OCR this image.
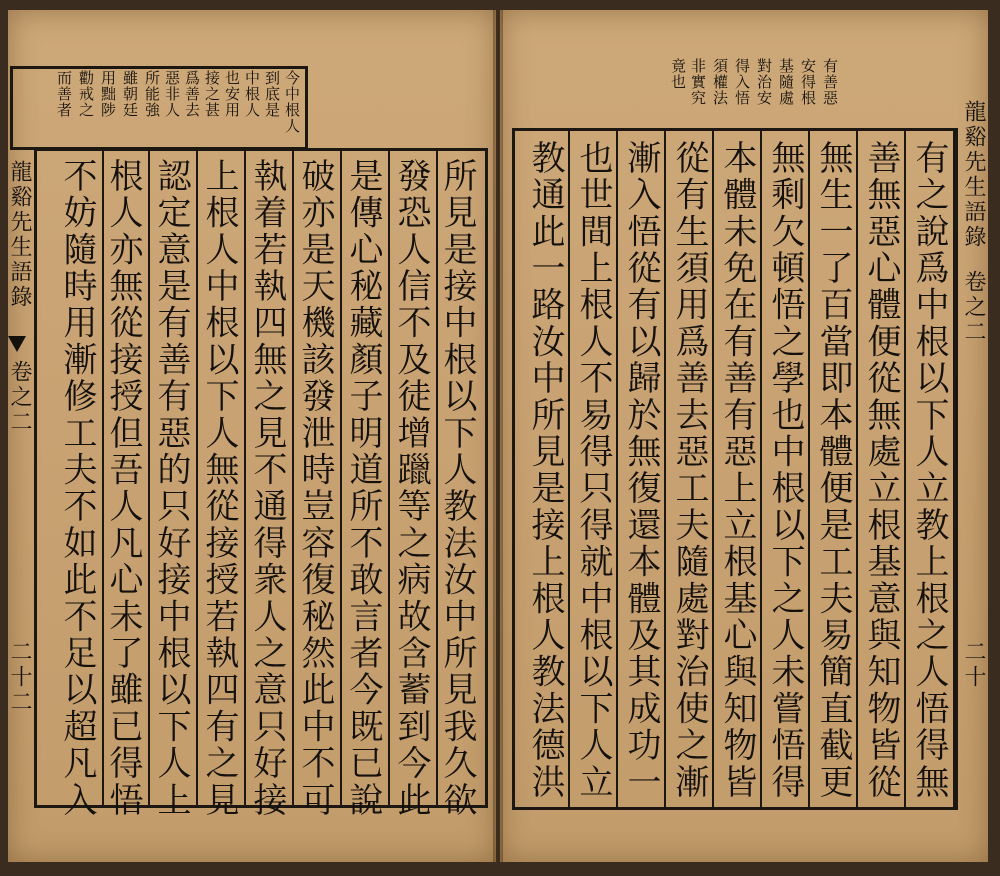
有之說爲中根以下人立教上根之人悟得無
善無惡心體便從無處立根基意與知物皆從
無生一了百當即本體便是工夫易簡直截更
無剩欠頓悟之學也中根以下之人未嘗悟得
本體未免在有善有惡上立根基心與知物皆
從有生須用爲善去惡工夫隨處對治使之漸
漸入悟從有以歸於無復還本體及其成功一
也世間上根人不易得只得就中根以下人立
教通此一路汝中所見是接上根人教法德洪
有善惡
安得根
基隨處
對治安
得入悟
須權法
非實究
竟也
龍谿先生語錄
卷之二
二十
所見是接中根以下人教法汝中所見我久欲
發恐人信不及徒增躐等之病故含蓄到今此
是傳心秘藏顏子明道所不敢言者今既已說
破亦是天機該發泄時豈容復秘然此中不可
執着若執四無之見不通得衆人之意只好接
上根人中根以下人無從接授若執四有之見
認定意是有善有惡的只好接中根以下人上
根人亦無從接授但吾人凡心未了雖已得悟
不妨隨時用漸修工夫不如此不足以超凡入
今中根人
到底是
中根人
也安用
接之甚
爲善去
惡非人
所能強
雖朝廷
用黜陟
勸戒之
而善者
龍谿先生語錄
卷之二
二十二
